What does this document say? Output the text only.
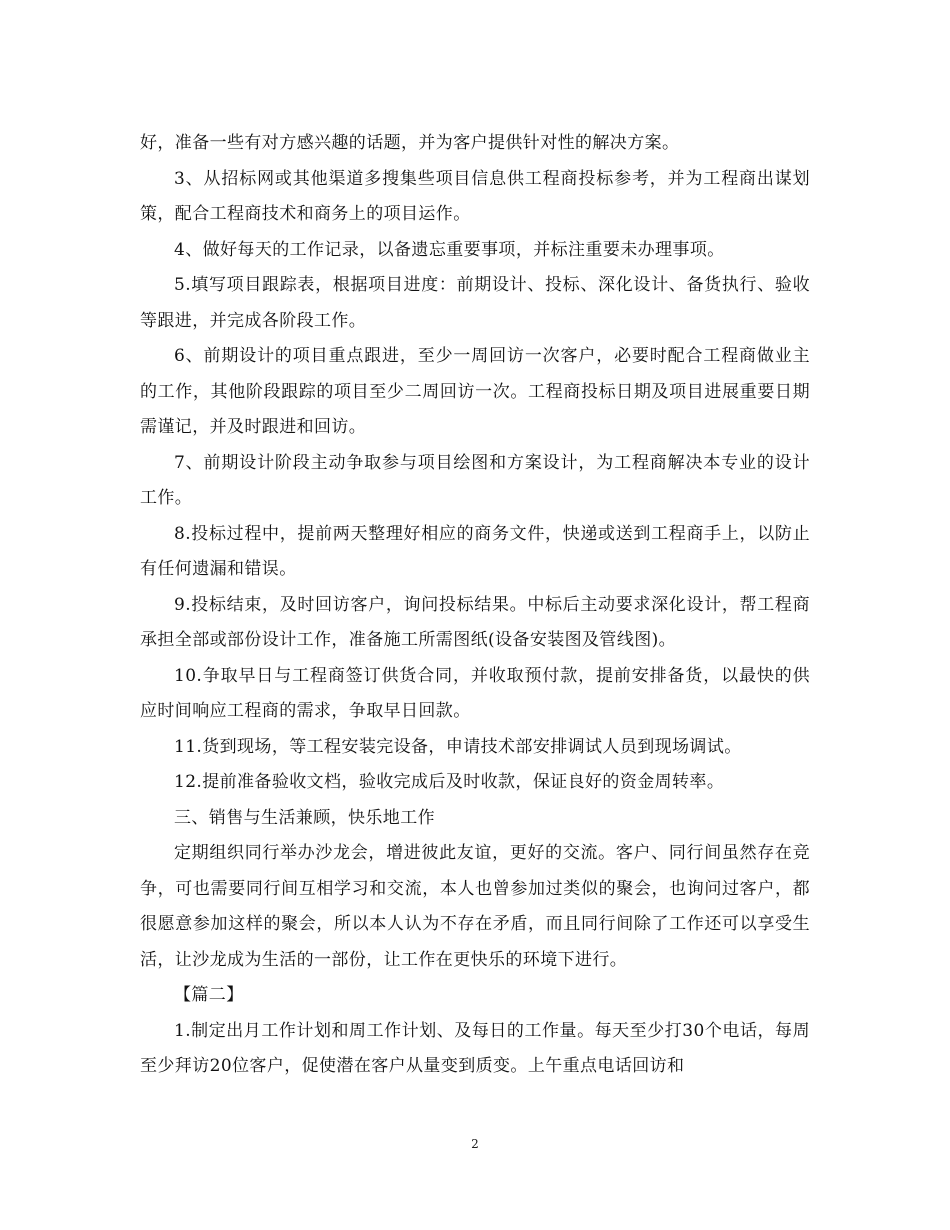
好，准备一些有对方感兴趣的话题，并为客户提供针对性的解决方案。

3、从招标网或其他渠道多搜集些项目信息供工程商投标参考，并为工程商出谋划策，配合工程商技术和商务上的项目运作。

4、做好每天的工作记录，以备遗忘重要事项，并标注重要未办理事项。

5.填写项目跟踪表，根据项目进度：前期设计、投标、深化设计、备货执行、验收等跟进，并完成各阶段工作。

6、前期设计的项目重点跟进，至少一周回访一次客户，必要时配合工程商做业主的工作，其他阶段跟踪的项目至少二周回访一次。工程商投标日期及项目进展重要日期需谨记，并及时跟进和回访。

7、前期设计阶段主动争取参与项目绘图和方案设计，为工程商解决本专业的设计工作。

8.投标过程中，提前两天整理好相应的商务文件，快递或送到工程商手上，以防止有任何遗漏和错误。

9.投标结束，及时回访客户，询问投标结果。中标后主动要求深化设计，帮工程商承担全部或部份设计工作，准备施工所需图纸(设备安装图及管线图)。

10.争取早日与工程商签订供货合同，并收取预付款，提前安排备货，以最快的供应时间响应工程商的需求，争取早日回款。

11.货到现场，等工程安装完设备，申请技术部安排调试人员到现场调试。

12.提前准备验收文档，验收完成后及时收款，保证良好的资金周转率。

三、销售与生活兼顾，快乐地工作

定期组织同行举办沙龙会，增进彼此友谊，更好的交流。客户、同行间虽然存在竞争，可也需要同行间互相学习和交流，本人也曾参加过类似的聚会，也询问过客户，都很愿意参加这样的聚会，所以本人认为不存在矛盾，而且同行间除了工作还可以享受生活，让沙龙成为生活的一部份，让工作在更快乐的环境下进行。

【篇二】

1.制定出月工作计划和周工作计划、及每日的工作量。每天至少打30个电话，每周至少拜访20位客户，促使潜在客户从量变到质变。上午重点电话回访和

2
